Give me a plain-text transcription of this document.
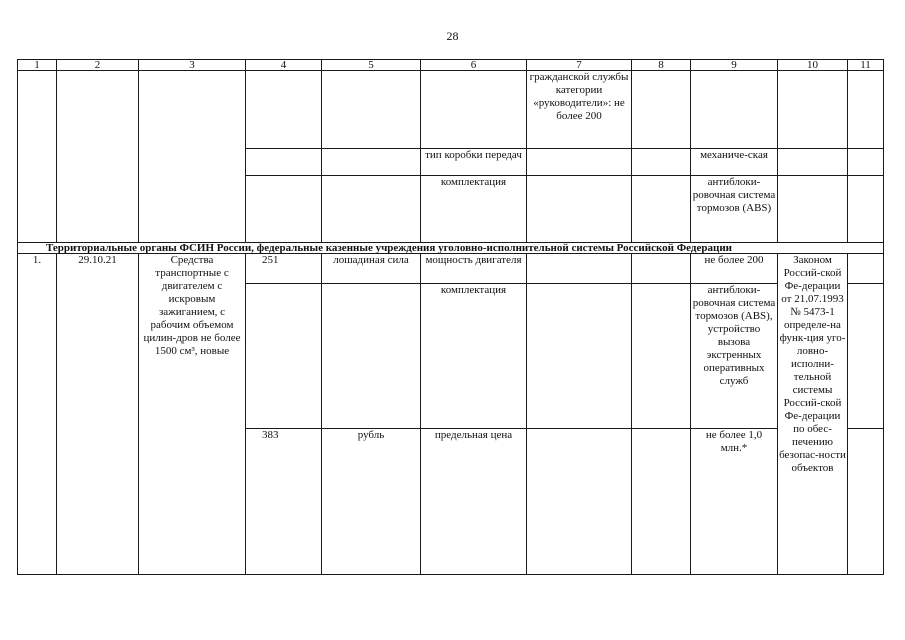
28
1	2	3	4	5	6	7	8	9	10	11
						гражданской службы категории «руководители»: не более 200				
					тип коробки передач			механиче-ская		
					комплектация			антиблоки-ровочная система тормозов (ABS)		
Территориальные органы ФСИН России, федеральные казенные учреждения уголовно-исполнительной системы Российской Федерации										
1.	29.10.21	Средства транспортные с двигателем с искровым зажиганием, с рабочим объемом цилин-дров не более 1500 см³, новые	251	лошадиная сила	мощность двигателя			не более 200	Законом Россий-ской Фе-дерации от 21.07.1993 № 5473-1 определе-на функ-ция уго-ловно-исполни-тельной системы Россий-ской Фе-дерации по обес-печению безопас-ности объектов	
					комплектация			антиблоки-ровочная система тормозов (ABS), устройство вызова экстренных оперативных служб		
			383	рубль	предельная цена			не более 1,0 млн.*		
